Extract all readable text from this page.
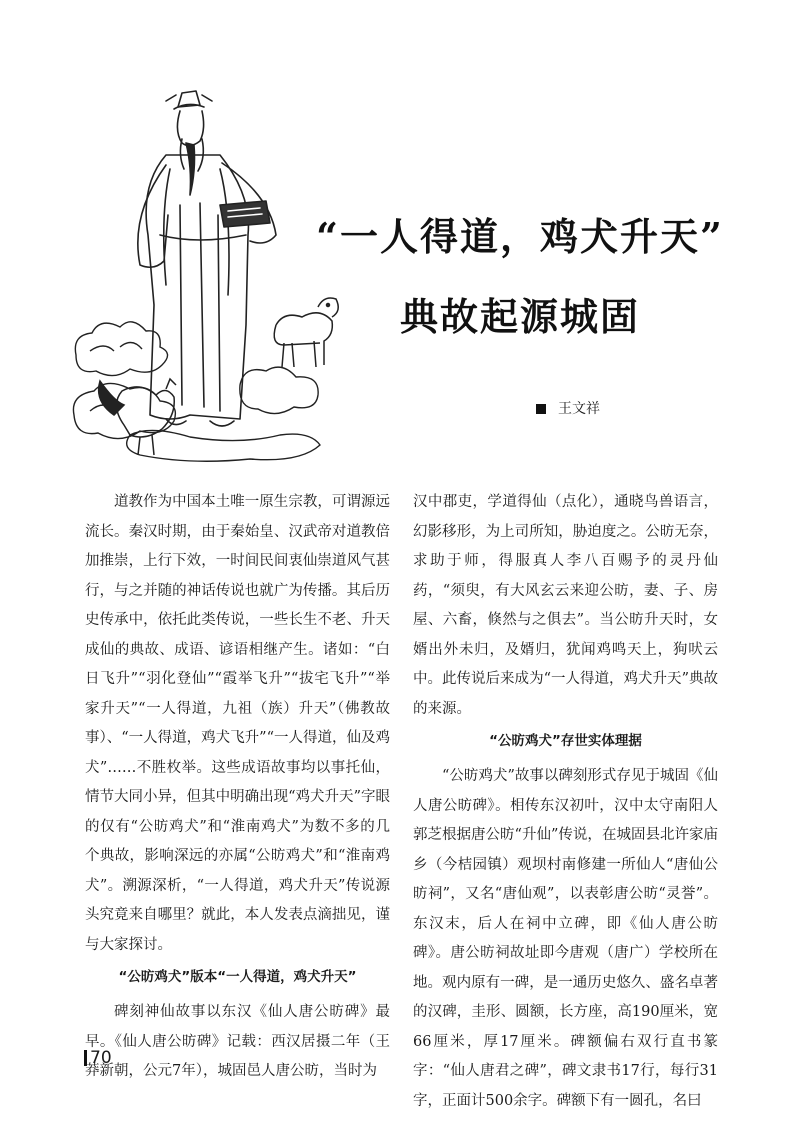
“一人得道，鸡犬升天”
典故起源城固
王文祥

道教作为中国本土唯一原生宗教，可谓源远流长。秦汉时期，由于秦始皇、汉武帝对道教倍加推崇，上行下效，一时间民间衷仙崇道风气甚行，与之并随的神话传说也就广为传播。其后历史传承中，依托此类传说，一些长生不老、升天成仙的典故、成语、谚语相继产生。诸如：“白日飞升”“羽化登仙”“霞举飞升”“拔宅飞升”“举家升天”“一人得道，九祖（族）升天”（佛教故事）、“一人得道，鸡犬飞升”“一人得道，仙及鸡犬”……不胜枚举。这些成语故事均以事托仙，情节大同小异，但其中明确出现“鸡犬升天”字眼的仅有“公昉鸡犬”和“淮南鸡犬”为数不多的几个典故，影响深远的亦属“公昉鸡犬”和“淮南鸡犬”。溯源深析，“一人得道，鸡犬升天”传说源头究竟来自哪里？就此，本人发表点滴拙见，谨与大家探讨。

“公昉鸡犬”版本“一人得道，鸡犬升天”

碑刻神仙故事以东汉《仙人唐公昉碑》最早。《仙人唐公昉碑》记载：西汉居摄二年（王莽新朝，公元7年），城固邑人唐公昉，当时为

汉中郡吏，学道得仙（点化），通晓鸟兽语言，幻影移形，为上司所知，胁迫度之。公昉无奈，求助于师，得服真人李八百赐予的灵丹仙药，“须臾，有大风玄云来迎公昉，妻、子、房屋、六畜，倏然与之俱去”。当公昉升天时，女婿出外未归，及婿归，犹闻鸡鸣天上，狗吠云中。此传说后来成为“一人得道，鸡犬升天”典故的来源。

“公昉鸡犬”存世实体理据

“公昉鸡犬”故事以碑刻形式存见于城固《仙人唐公昉碑》。相传东汉初叶，汉中太守南阳人郭芝根据唐公昉“升仙”传说，在城固县北许家庙乡（今桔园镇）观坝村南修建一所仙人“唐仙公昉祠”，又名“唐仙观”，以表彰唐公昉“灵誉”。东汉末，后人在祠中立碑，即《仙人唐公昉碑》。唐公昉祠故址即今唐观（唐广）学校所在地。观内原有一碑，是一通历史悠久、盛名卓著的汉碑，圭形、圆额，长方座，高190厘米，宽66厘米，厚17厘米。碑额偏右双行直书篆字：“仙人唐君之碑”，碑文隶书17行，每行31字，正面计500余字。碑额下有一圆孔，名曰

70
